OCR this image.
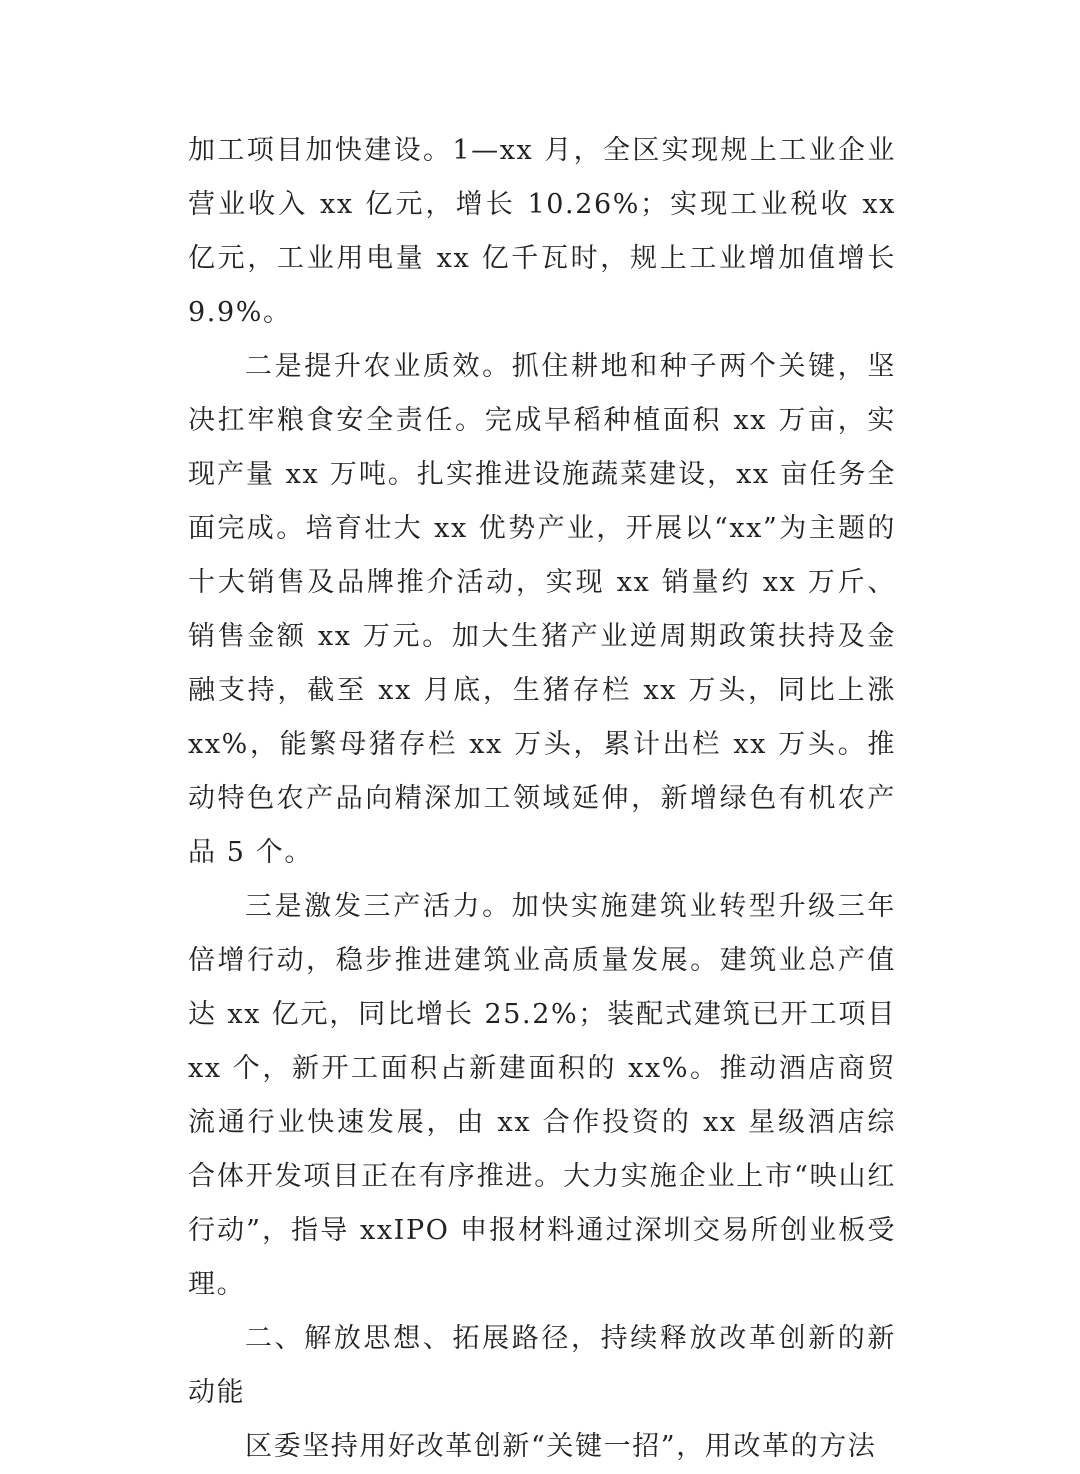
加工项目加快建设。1—xx 月，全区实现规上工业企业营业收入 xx 亿元，增长 10.26%；实现工业税收 xx 亿元，工业用电量 xx 亿千瓦时，规上工业增加值增长 9.9%。

二是提升农业质效。抓住耕地和种子两个关键，坚决扛牢粮食安全责任。完成早稻种植面积 xx 万亩，实现产量 xx 万吨。扎实推进设施蔬菜建设，xx 亩任务全面完成。培育壮大 xx 优势产业，开展以“xx”为主题的十大销售及品牌推介活动，实现 xx 销量约 xx 万斤、销售金额 xx 万元。加大生猪产业逆周期政策扶持及金融支持，截至 xx 月底，生猪存栏 xx 万头，同比上涨 xx%，能繁母猪存栏 xx 万头，累计出栏 xx 万头。推动特色农产品向精深加工领域延伸，新增绿色有机农产品 5 个。

三是激发三产活力。加快实施建筑业转型升级三年倍增行动，稳步推进建筑业高质量发展。建筑业总产值达 xx 亿元，同比增长 25.2%；装配式建筑已开工项目 xx 个，新开工面积占新建面积的 xx%。推动酒店商贸流通行业快速发展，由 xx 合作投资的 xx 星级酒店综合体开发项目正在有序推进。大力实施企业上市“映山红行动”，指导 xxIPO 申报材料通过深圳交易所创业板受理。

二、解放思想、拓展路径，持续释放改革创新的新动能

区委坚持用好改革创新“关键一招”，用改革的方法
